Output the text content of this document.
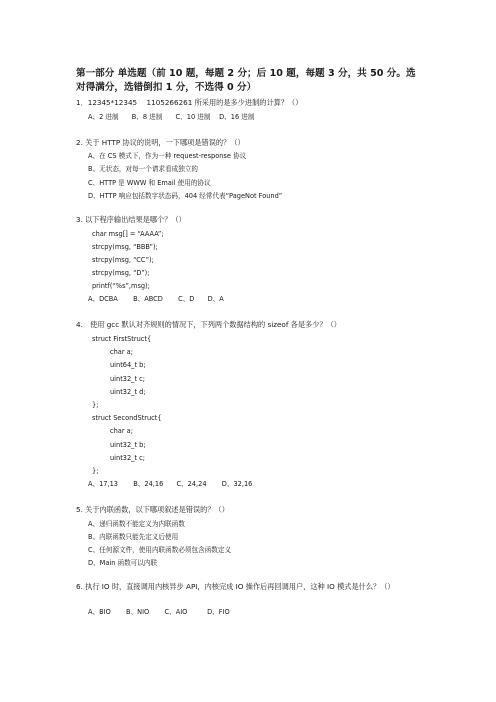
第一部分 单选题（前 10 题，每题 2 分；后 10 题，每题 3 分，共 50 分。选
对得满分，选错倒扣 1 分，不选得 0 分）
1．12345*12345　 1105266261 所采用的是多少进制的计算？（）
A、2 进制　　B、8 进制　　C、10 进制　 D、16 进制
2. 关于 HTTP 协议的说明，一下哪项是错误的？（）
A、在 CS 模式下，作为一种 request-response 协议
B、无状态，对每一个请求看成独立的
C、HTTP 是 WWW 和 Email 使用的协议
D、HTTP 响应包括数字状态码，404 经常代表“PageNot Found”
3. 以下程序输出结果是哪个？（）
char msg[] = “AAAA”;
strcpy(msg, “BBB”);
strcpy(msg, “CC”);
strcpy(msg, “D”);
printf(“%s”,msg);
A、DCBA　　 B、ABCD　　 C、D　　D、A
4.　使用 gcc 默认对齐规则的情况下，下列两个数据结构的 sizeof 各是多少？（）
struct FirstStruct{
char a;
uint64_t b;
uint32_t c;
uint32_t d;
};
struct SecondStruct{
char a;
uint32_t b;
uint32_t c;
};
A、17,13　　 B、24,16　　C、24,24　　 D、32,16
5. 关于内联函数，以下哪项叙述是错误的？（）
A、递归函数不能定义为内联函数
B、内联函数只能先定义后使用
C、任何源文件，使用内联函数必须包含函数定义
D、Main 函数可以内联
6. 执行 IO 时，直接调用内核异步 API，内核完成 IO 操作后再回调用户，这种 IO 模式是什么？（）
A、BIO　　 B、NIO　　 C、AIO　　　D、FIO
